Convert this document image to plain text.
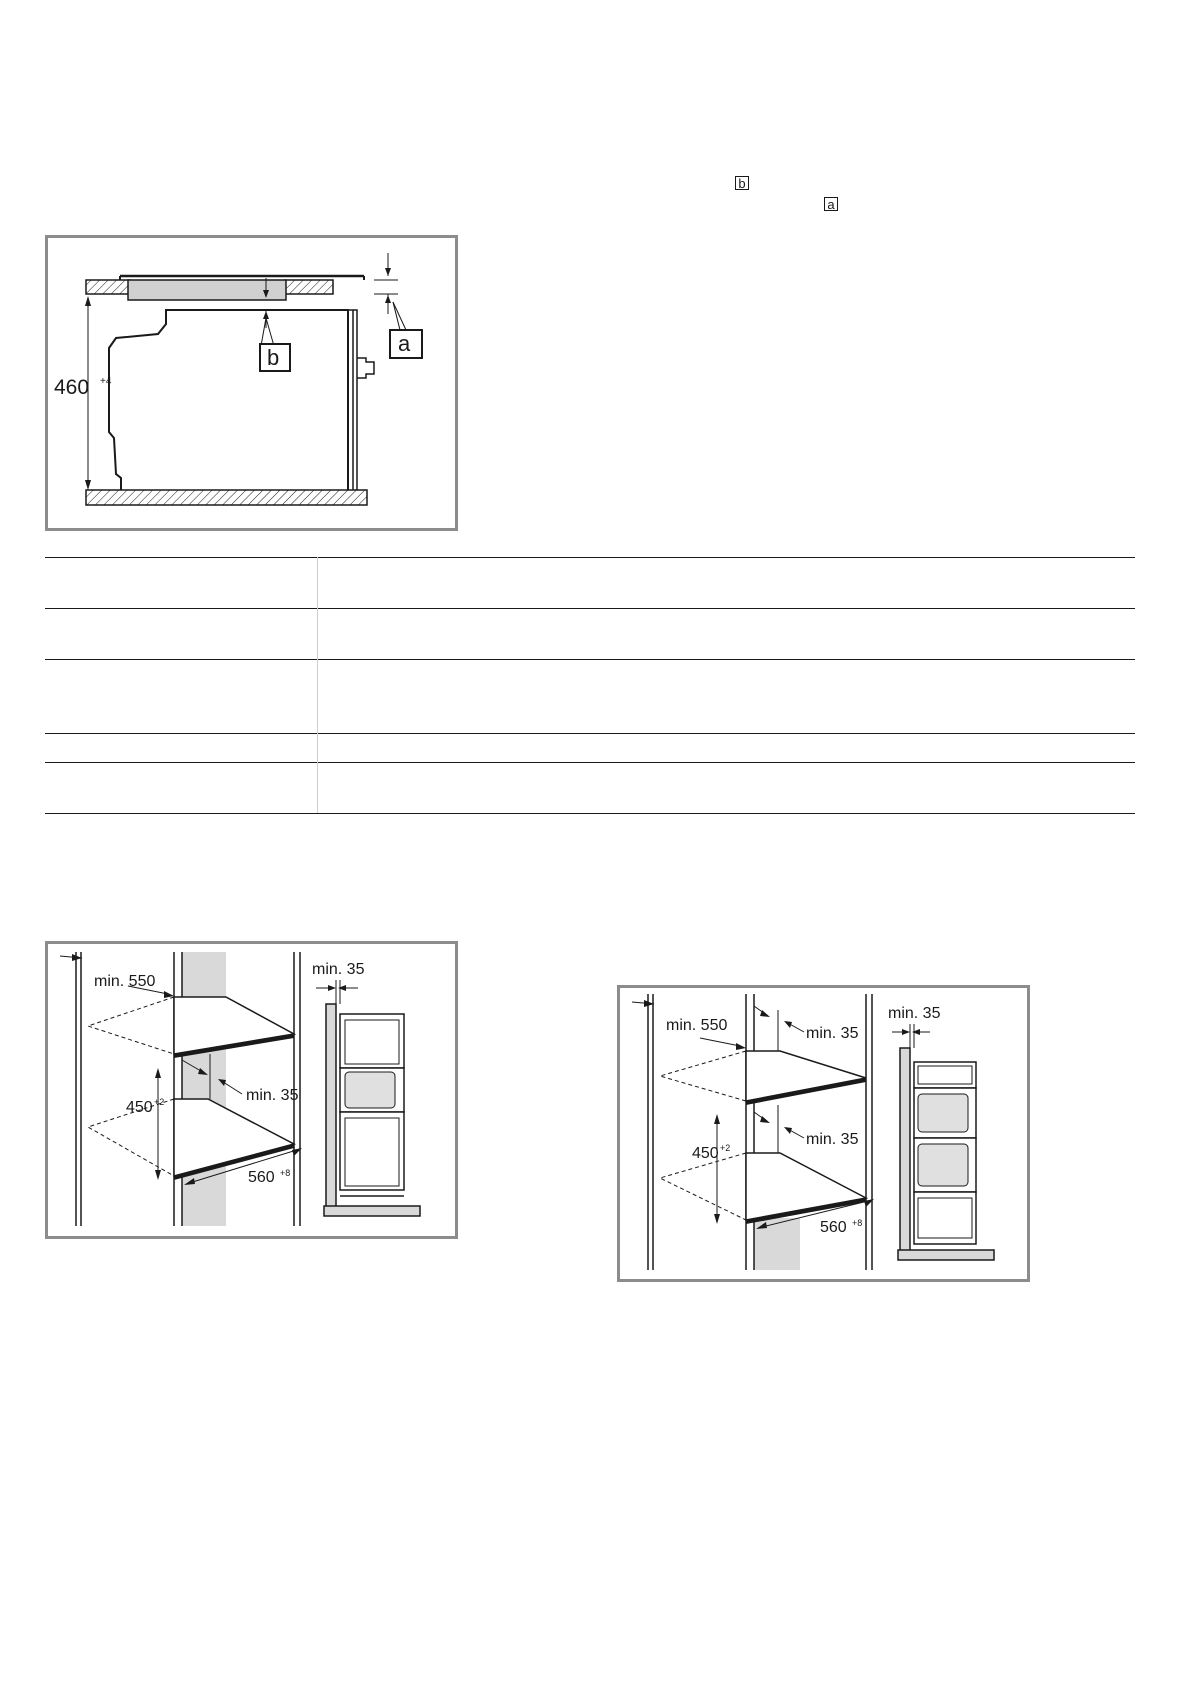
b
a
460 +4
b
a
450 +2	min. 35
560 +8
min. 550
min. 35
min. 35
min. 35
450 +2
560 +8
min. 550
min. 35
